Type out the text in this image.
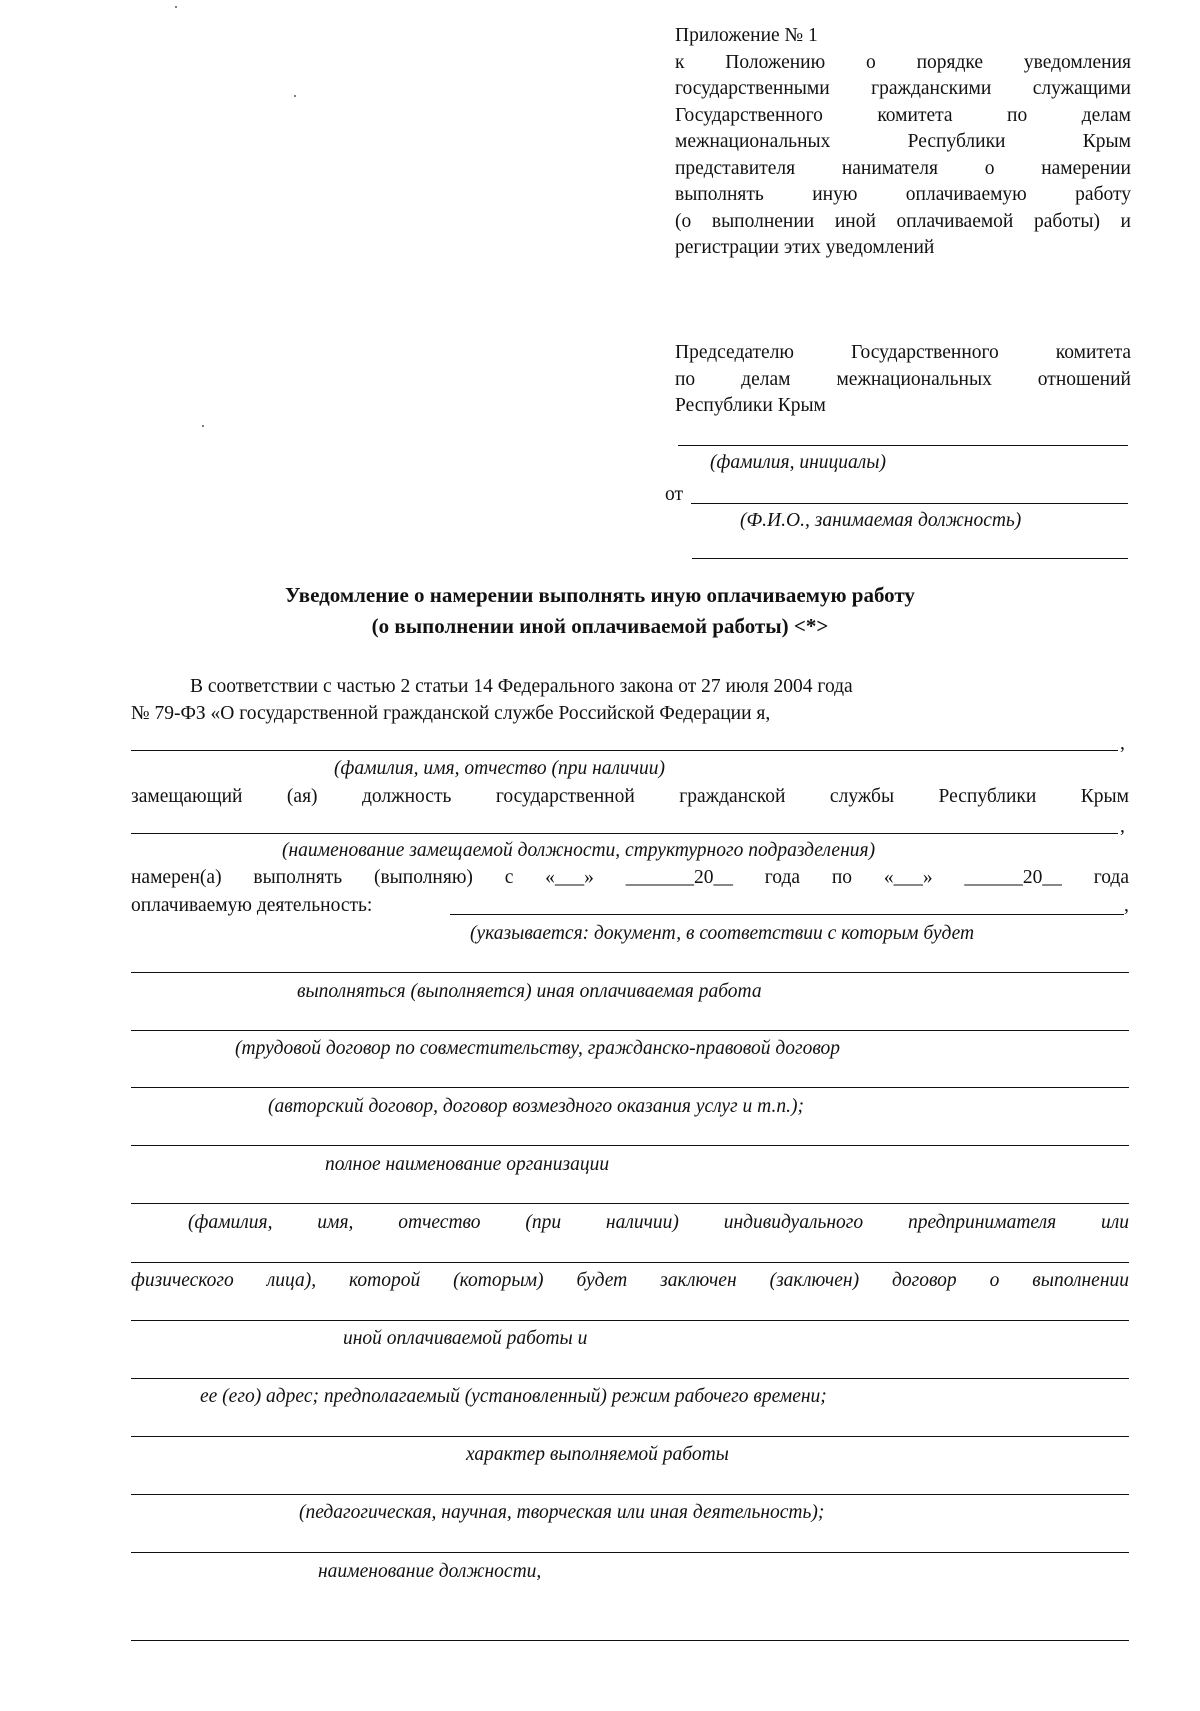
Приложение № 1
к Положению о порядке уведомления
государственными гражданскими служащими
Государственного комитета по делам
межнациональных Республики Крым
представителя нанимателя о намерении
выполнять иную оплачиваемую работу
(о выполнении иной оплачиваемой работы) и
регистрации этих уведомлений
Председателю Государственного комитета
по делам межнациональных отношений
Республики Крым
(фамилия, инициалы)
от
(Ф.И.О., занимаемая должность)
Уведомление о намерении выполнять иную оплачиваемую работу
(о выполнении иной оплачиваемой работы) <*>
В соответствии с частью 2 статьи 14 Федерального закона от 27 июля 2004 года
№ 79-ФЗ «О государственной гражданской службе Российской Федерации я,
,
(фамилия, имя, отчество (при наличии)
замещающий (ая) должность государственной гражданской службы Республики Крым
,
(наименование замещаемой должности, структурного подразделения)
намерен(а) выполнять (выполняю) с «___» _______20__ года по «___» ______20__ года
оплачиваемую деятельность:	,
(указывается: документ, в соответствии с которым будет
выполняться (выполняется) иная оплачиваемая работа
(трудовой договор по совместительству, гражданско-правовой договор
(авторский договор, договор возмездного оказания услуг и т.п.);
полное наименование организации
(фамилия, имя, отчество (при наличии) индивидуального предпринимателя или
физического лица), которой (которым) будет заключен (заключен) договор о выполнении
иной оплачиваемой работы и
ее (его) адрес; предполагаемый (установленный) режим рабочего времени;
характер выполняемой работы
(педагогическая, научная, творческая или иная деятельность);
наименование должности,
